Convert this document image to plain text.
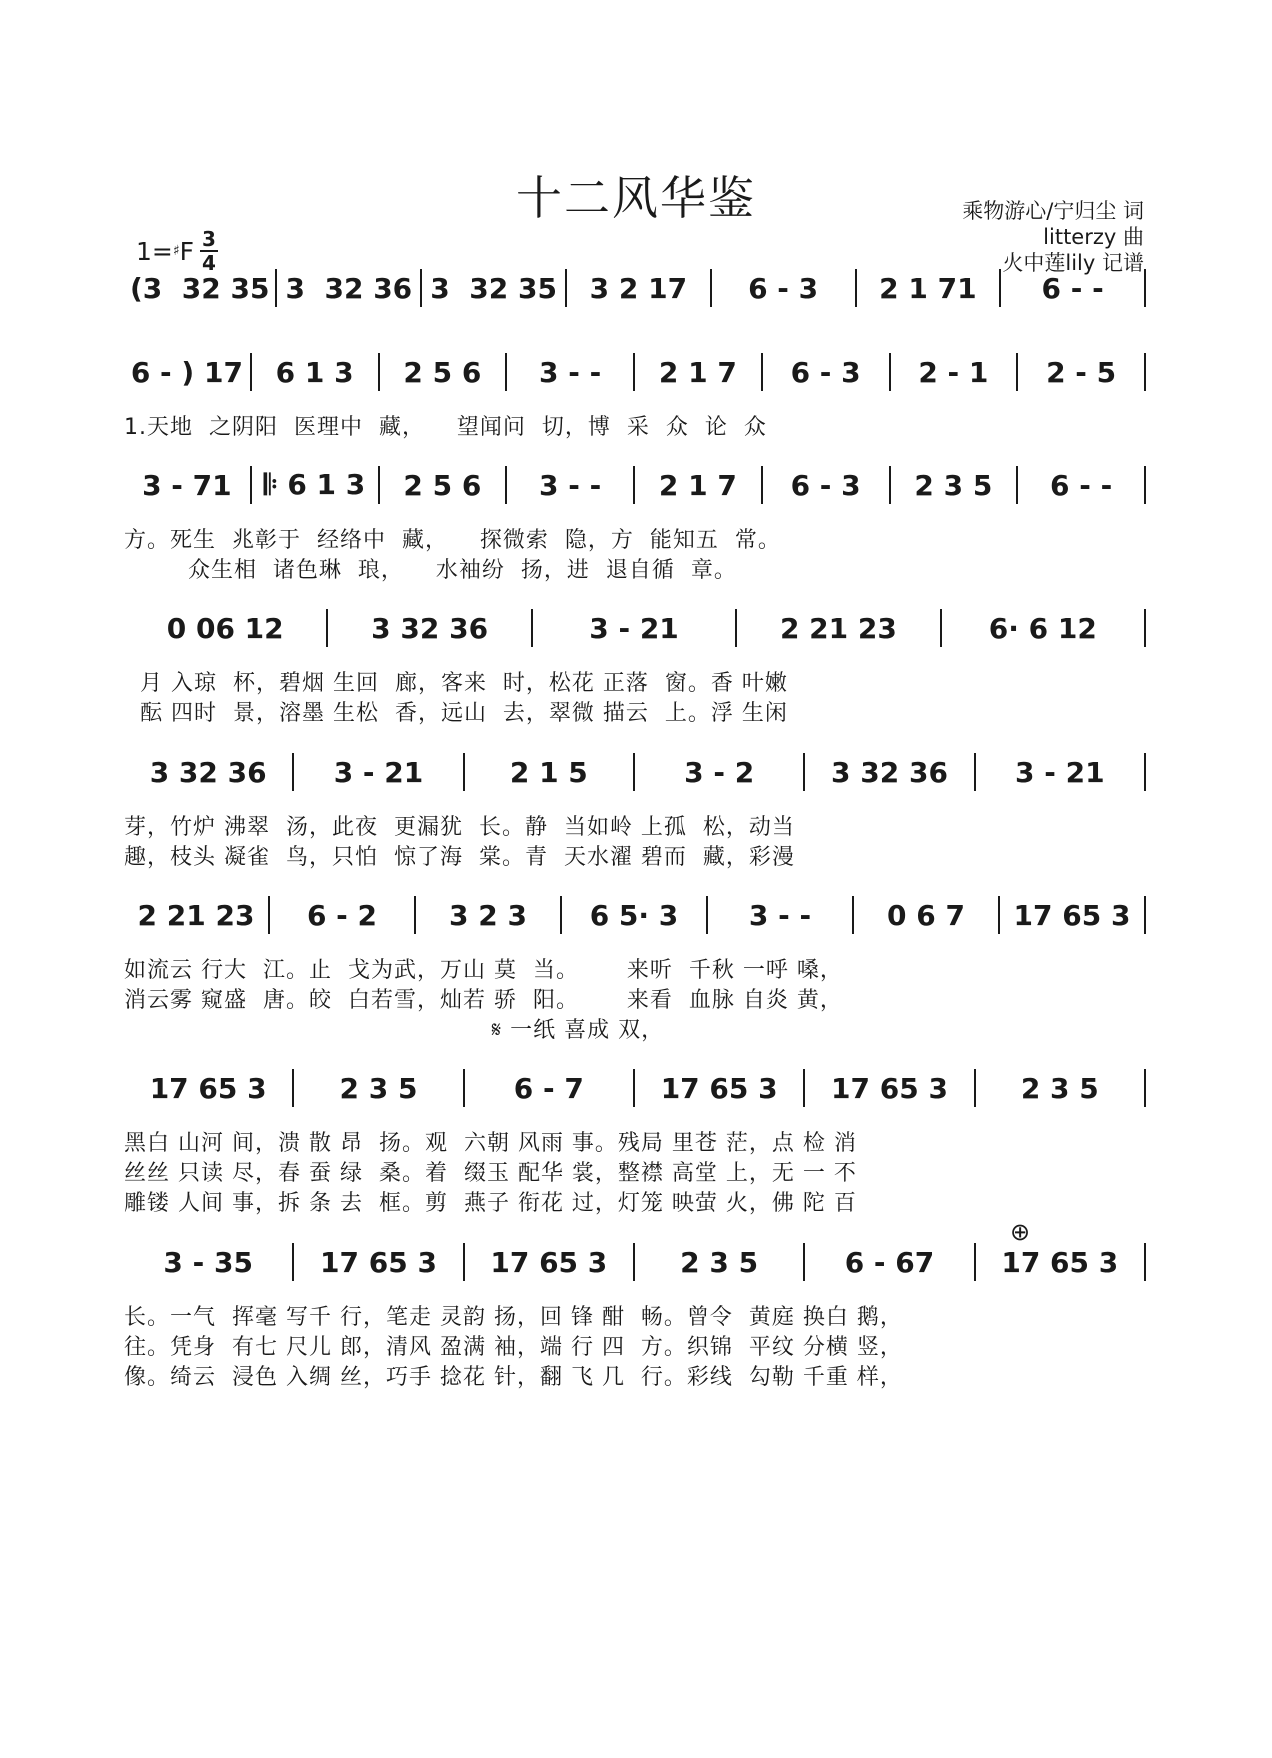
十二风华鉴	乘物游心/宁归尘 词
litterzy 曲
火中莲lily 记谱
1= ♯ F 3
4
(3  32 35 3  32 36 3  32 35	3 2 17	6 - 3	2 1 71	6 - -
6 - ) 17	6 1 3	2 5 6	3 - -	2 1 7	6 - 3	2 - 1	2 - 5
1.天地  之阴阳  医理中  藏，    望闻问  切，博  采  众  论  众
3 - 71	𝄆 6 1 3	2 5 6	3 - -	2 1 7	6 - 3	2 3 5	6 - -
方。死生  兆彰于  经络中  藏，    探微索  隐，方  能知五  常。
众生相  诸色琳  琅，    水袖纷  扬，进  退自循  章。
0 06 12	3 32 36	3 - 21	2 21 23	6· 6 12
月 入琼  杯，碧烟 生回  廊，客来  时，松花 正落  窗。香 叶嫩
酝 四时  景，溶墨 生松  香，远山  去，翠微 描云  上。浮 生闲
3 32 36	3 - 21	2 1 5	3 - 2	3 32 36	3 - 21
芽，竹炉 沸翠  汤，此夜  更漏犹  长。静  当如岭 上孤  松，动当
趣，枝头 凝雀  鸟，只怕  惊了海  棠。青  天水濯 碧而  藏，彩漫
2 21 23	6 - 2	3 2 3	6 5· 3	3 - -	0 6 7	17 65 3
如流云 行大  江。止  戈为武，万山 莫  当。      来听  千秋 一呼 嗓，
消云雾 窥盛  唐。皎  白若雪，灿若 骄  阳。      来看  血脉 自炎 黄，
𝄋 一纸 喜成 双，
17 65 3	2 3 5	6 - 7	17 65 3	17 65 3	2 3 5
黑白 山河 间，溃 散 昂  扬。观  六朝 风雨 事。残局 里苍 茫，点 检 消
丝丝 只读 尽，春 蚕 绿  桑。着  缀玉 配华 裳，整襟 高堂 上，无 一 不
雕镂 人间 事，拆 条 去  框。剪  燕子 衔花 过，灯笼 映萤 火，佛 陀 百
3 - 35	17 65 3	17 65 3	2 3 5	6 - 67	17 65 3
长。一气  挥毫 写千 行，笔走 灵韵 扬，回 锋 酣  畅。曾令  黄庭 换白 鹅，
往。凭身  有七 尺儿 郎，清风 盈满 袖，端 行 四  方。织锦  平纹 分横 竖，
像。绮云  浸色 入绸 丝，巧手 捻花 针，翻 飞 几  行。彩线  勾勒 千重 样，
⊕
